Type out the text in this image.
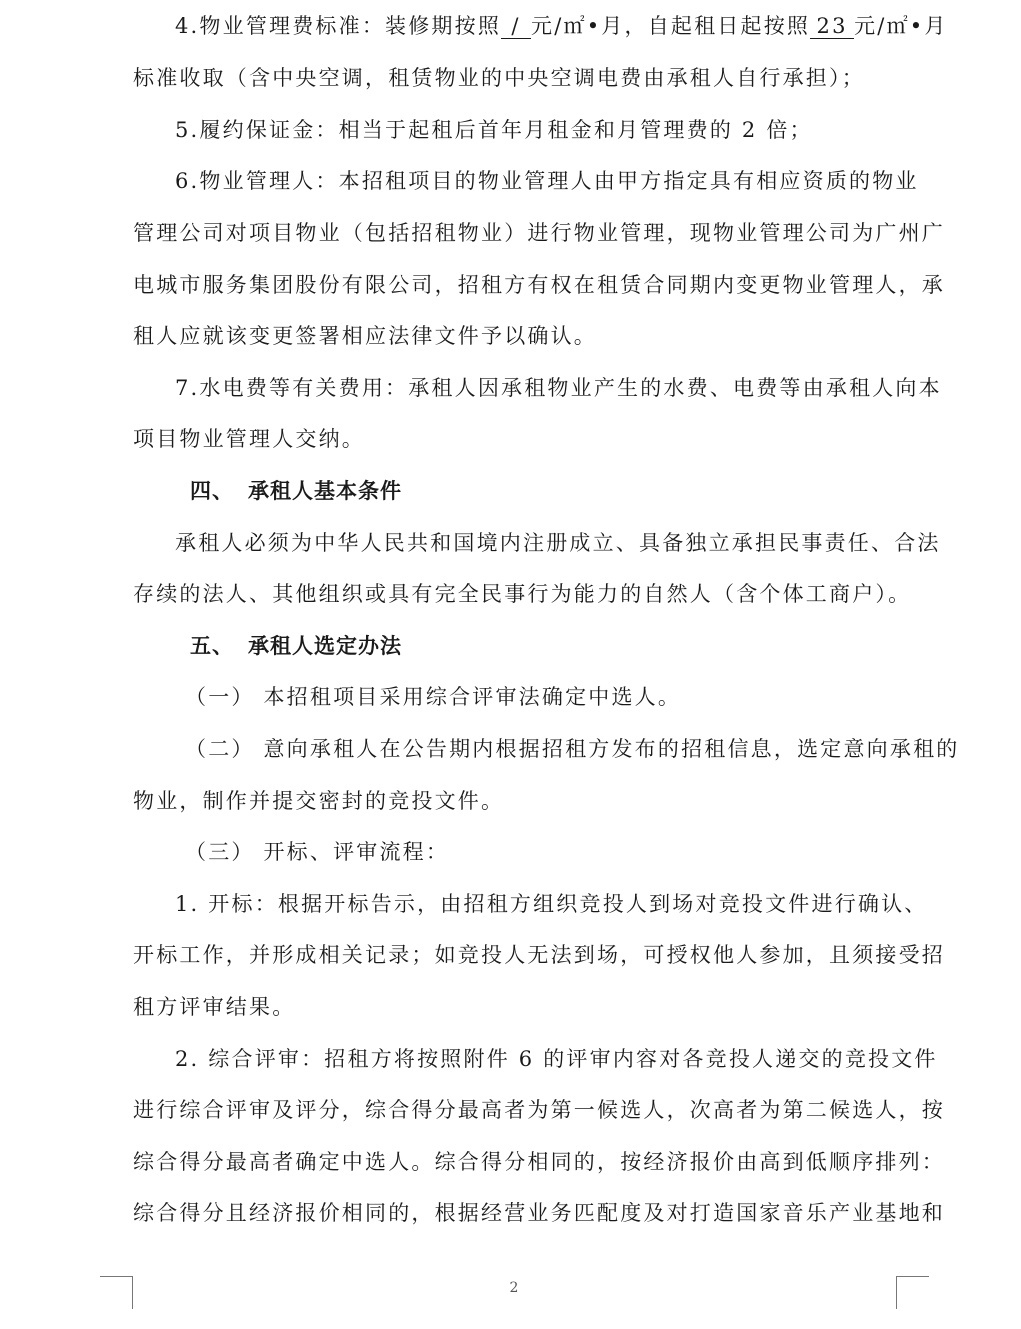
4.物业管理费标准：装修期按照 / 元/㎡•月，自起租日起按照 23 元/㎡•月
标准收取（含中央空调，租赁物业的中央空调电费由承租人自行承担）；
5.履约保证金：相当于起租后首年月租金和月管理费的 2 倍；
6.物业管理人：本招租项目的物业管理人由甲方指定具有相应资质的物业
管理公司对项目物业（包括招租物业）进行物业管理，现物业管理公司为广州广
电城市服务集团股份有限公司，招租方有权在租赁合同期内变更物业管理人，承
租人应就该变更签署相应法律文件予以确认。
7.水电费等有关费用：承租人因承租物业产生的水费、电费等由承租人向本
项目物业管理人交纳。
四、 承租人基本条件
承租人必须为中华人民共和国境内注册成立、具备独立承担民事责任、合法
存续的法人、其他组织或具有完全民事行为能力的自然人（含个体工商户）。
五、 承租人选定办法
（一） 本招租项目采用综合评审法确定中选人。
（二） 意向承租人在公告期内根据招租方发布的招租信息，选定意向承租的
物业，制作并提交密封的竞投文件。
（三） 开标、评审流程：
1. 开标：根据开标告示，由招租方组织竞投人到场对竞投文件进行确认、
开标工作，并形成相关记录；如竞投人无法到场，可授权他人参加，且须接受招
租方评审结果。
2. 综合评审：招租方将按照附件 6 的评审内容对各竞投人递交的竞投文件
进行综合评审及评分，综合得分最高者为第一候选人，次高者为第二候选人，按
综合得分最高者确定中选人。综合得分相同的，按经济报价由高到低顺序排列：
综合得分且经济报价相同的，根据经营业务匹配度及对打造国家音乐产业基地和
2
